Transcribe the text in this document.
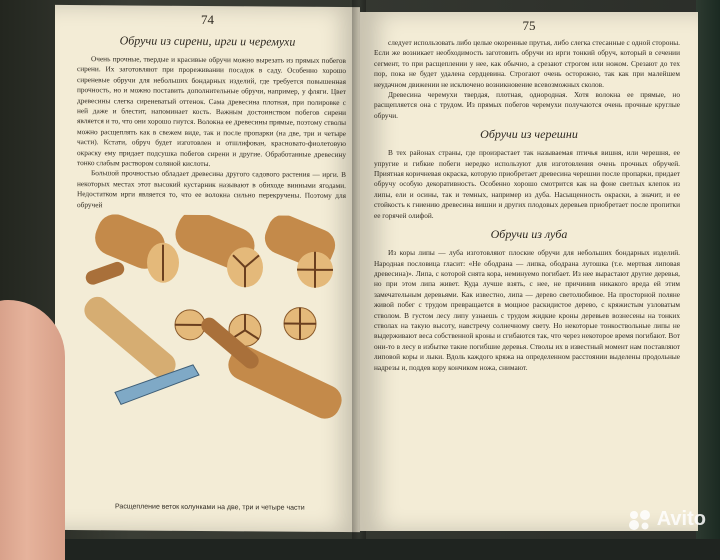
74
Обручи из сирени, ирги и черемухи

Очень прочные, твердые и красивые обручи можно вырезать из прямых побегов сирени. Их заготовляют при прореживании посадок в саду. Особенно хорошо сиреневые обручи для небольших бондарных изделий, где требуется повышенная прочность, но и можно поставить дополнительные обручи, например, у фляги. Цвет древесины слегка сиреневатый оттенок. Сама древесина плотная, при полировке с ней даже и блестит, напоминает кость. Важным достоинством побегов сирени является и то, что они хорошо гнутся. Волокна ее древесины прямые, поэтому стволы можно расщеплять как в свежем виде, так и после пропарки (на две, три и четыре части). Кстати, обруч будет изготовлен и отшлифован, красновато-фиолетовую окраску ему придает подсушка побегов сирени и другие. Обработанные древесину тонко слабым раствором соляной кислоты.

Большой прочностью обладает древесина другого садового растения — ирги. В некоторых местах этот высокий кустарник называют в обиходе винными ягодами. Недостатком ирги является то, что ее волокна сильно перекручены. Поэтому для обручей

Расщепление веток колунками на две, три и четыре части
75

следует использовать либо целые окоренные прутья, либо слегка стесанные с одной стороны. Если же возникает необходимость заготовить обручи из ирги тонкий обруч, который в сечении сегмент, то при расщеплении у нее, как обычно, а срезают строгом или ножом. Срезают до тех пор, пока не будет удалена сердцевина. Строгают очень осторожно, так как при малейшем неудачном движении не исключено возникновение всевозможных сколов.

Древесина черемухи твердая, плотная, однородная. Хотя волокна ее прямые, но расщепляется она с трудом. Из прямых побегов черемухи получаются очень прочные круглые обручи.

Обручи из черешни

В тех районах страны, где произрастает так называемая птичья вишня, или черешня, ее упругие и гибкие побеги нередко используют для изготовления очень прочных обручей. Приятная коричневая окраска, которую приобретает древесина черешни после пропарки, придает обручу особую декоративность. Особенно хорошо смотрится как на фоне светлых клепок из липы, ели и осины, так и темных, например из дуба. Насыщенность окраски, а значит, и ее стойкость к гниению древесина вишни и других плодовых деревьев приобретает после пропитки ее горячей олифой.

Обручи из луба

Из коры липы — луба изготовляют плоские обручи для небольших бондарных изделий. Народная пословица гласит: «Не ободрана — липка, ободрана лутошка (т.е. мертвая липовая древесина)». Липа, с которой снята кора, неминуемо погибает. Из нее вырастают другие деревья, но при этом липа живет. Куда лучше взять, с нее, не причинив никакого вреда ей этим замечательным деревьями. Как известно, липа — дерево светолюбивое. На просторной поляне живой побег с трудом превращается в мощное раскидистое дерево, с кряжистым узловатым стволом. В густом лесу липу узнаешь с трудом жидкие кроны деревьев вознесены на тонких стволах на такую высоту, навстречу солнечному свету. Но некоторые тонкоствольные липы не выдерживают веса собственной кроны и сгибаются так, что через некоторое время погибают. Вот они-то в лесу в избытке такие погибшие деревья. Стволы их в известный момент нам поставляют липовой коры и лыки. Вдоль каждого кряжа на определенном расстоянии выделены продольные надрезы и, поддев кору кончиком ножа, снимают.

Avito
